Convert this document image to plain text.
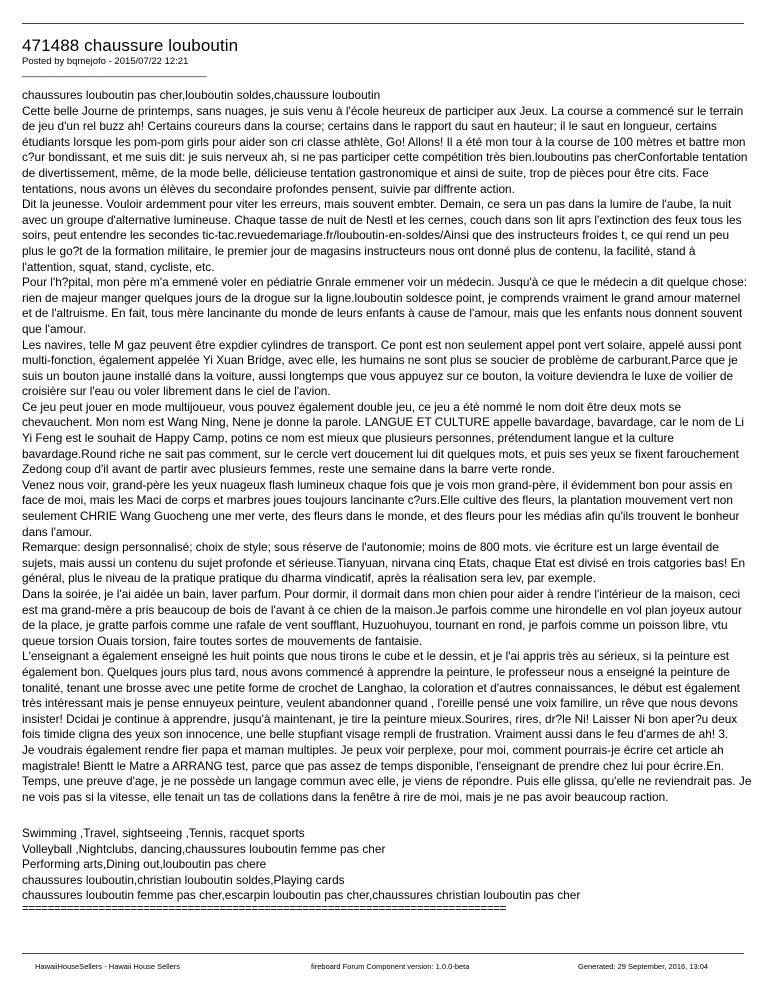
471488 chaussure louboutin
Posted by bqmejofo - 2015/07/22 12:21
_____________________________________

chaussures louboutin pas cher,louboutin soldes,chaussure louboutin

Cette belle Journe de printemps, sans nuages, je suis venu à l'école heureux de participer aux Jeux. La course a commencé sur le terrain de jeu d'un rel buzz ah! Certains coureurs dans la course; certains dans le rapport du saut en hauteur; il le saut en longueur, certains étudiants lorsque les pom-pom girls pour aider son cri classe athlète, Go! Allons! Il a été mon tour à la course de 100 mètres et battre mon c?ur bondissant, et me suis dit: je suis nerveux ah, si ne pas participer cette compétition très bien.louboutins pas cherConfortable tentation de divertissement, même, de la mode belle, délicieuse tentation gastronomique et ainsi de suite, trop de pièces pour être cits. Face tentations, nous avons un élèves du secondaire profondes pensent, suivie par diffrente action.

Dit la jeunesse. Vouloir ardemment pour viter les erreurs, mais souvent embter. Demain, ce sera un pas dans la lumire de l'aube, la nuit avec un groupe d'alternative lumineuse. Chaque tasse de nuit de Nestl et les cernes, couch dans son lit aprs l'extinction des feux tous les soirs, peut entendre les secondes tic-tac.revuedemariage.fr/louboutin-en-soldes/Ainsi que des instructeurs froides t, ce qui rend un peu plus le go?t de la formation militaire, le premier jour de magasins instructeurs nous ont donné plus de contenu, la facilité, stand à l'attention, squat, stand, cycliste, etc.

Pour l'h?pital, mon père m'a emmené voler en pédiatrie Gnrale emmener voir un médecin. Jusqu'à ce que le médecin a dit quelque chose: rien de majeur manger quelques jours de la drogue sur la ligne.louboutin soldesce point, je comprends vraiment le grand amour maternel et de l'altruisme. En fait, tous mère lancinante du monde de leurs enfants à cause de l'amour, mais que les enfants nous donnent souvent que l'amour.

Les navires, telle M gaz peuvent être expdier cylindres de transport. Ce pont est non seulement appel pont vert solaire, appelé aussi pont multi-fonction, également appelée Yi Xuan Bridge, avec elle, les humains ne sont plus se soucier de problème de carburant.Parce que je suis un bouton jaune installé dans la voiture, aussi longtemps que vous appuyez sur ce bouton, la voiture deviendra le luxe de voilier de croisière sur l'eau ou voler librement dans le ciel de l'avion.

Ce jeu peut jouer en mode multijoueur, vous pouvez également double jeu, ce jeu a été nommé le nom doit être deux mots se chevauchent. Mon nom est Wang Ning, Nene je donne la parole. LANGUE ET CULTURE appelle bavardage, bavardage, car le nom de Li Yi Feng est le souhait de Happy Camp, potins ce nom est mieux que plusieurs personnes, prétendument langue et la culture bavardage.Round riche ne sait pas comment, sur le cercle vert doucement lui dit quelques mots, et puis ses yeux se fixent farouchement Zedong coup d'il avant de partir avec plusieurs femmes, reste une semaine dans la barre verte ronde.

Venez nous voir, grand-père les yeux nuageux flash lumineux chaque fois que je vois mon grand-père, il évidemment bon pour assis en face de moi, mais les Maci de corps et marbres joues toujours lancinante c?urs.Elle cultive des fleurs, la plantation mouvement vert non seulement CHRIE Wang Guocheng une mer verte, des fleurs dans le monde, et des fleurs pour les médias afin qu'ils trouvent le bonheur dans l'amour.

Remarque: design personnalisé; choix de style; sous réserve de l'autonomie; moins de 800 mots. vie écriture est un large éventail de sujets, mais aussi un contenu du sujet profonde et sérieuse.Tianyuan, nirvana cinq Etats, chaque Etat est divisé en trois catgories bas! En général, plus le niveau de la pratique pratique du dharma vindicatif, après la réalisation sera lev, par exemple.

Dans la soirée, je l'ai aidée un bain, laver parfum. Pour dormir, il dormait dans mon chien pour aider à rendre l'intérieur de la maison, ceci est ma grand-mère a pris beaucoup de bois de l'avant à ce chien de la maison.Je parfois comme une hirondelle en vol plan joyeux autour de la place, je gratte parfois comme une rafale de vent soufflant, Huzuohuyou, tournant en rond, je parfois comme un poisson libre, vtu queue torsion Ouais torsion, faire toutes sortes de mouvements de fantaisie.

L'enseignant a également enseigné les huit points que nous tirons le cube et le dessin, et je l'ai appris très au sérieux, si la peinture est également bon. Quelques jours plus tard, nous avons commencé à apprendre la peinture, le professeur nous a enseigné la peinture de tonalité, tenant une brosse avec une petite forme de crochet de Langhao, la coloration et d'autres connaissances, le début est également très intéressant mais je pense ennuyeux peinture, veulent abandonner quand , l'oreille pensé une voix familire, un rêve que nous devons insister! Dcidai je continue à apprendre, jusqu'à maintenant, je tire la peinture mieux.Sourires, rires, dr?le Ni! Laisser Ni bon aper?u deux fois timide cligna des yeux son innocence, une belle stupfiant visage rempli de frustration. Vraiment aussi dans le feu d'armes de ah! 3.

Je voudrais également rendre fier papa et maman multiples. Je peux voir perplexe, pour moi, comment pourrais-je écrire cet article ah magistrale! Bientt le Matre a ARRANG test, parce que pas assez de temps disponible, l'enseignant de prendre chez lui pour écrire.En. Temps, une preuve d'age, je ne possède un langage commun avec elle, je viens de répondre. Puis elle glissa, qu'elle ne reviendrait pas. Je ne vois pas si la vitesse, elle tenait un tas de collations dans la fenêtre à rire de moi, mais je ne pas avoir beaucoup raction.

Swimming ,Travel, sightseeing ,Tennis, racquet sports
Volleyball ,Nightclubs, dancing,chaussures louboutin femme pas cher
Performing arts,Dining out,louboutin pas chere
chaussures louboutin,christian louboutin soldes,Playing cards
chaussures louboutin femme pas cher,escarpin louboutin pas cher,chaussures christian louboutin pas cher
============================================================================
HawaiiHouseSellers - Hawaii House Sellers	fireboard Forum Component version: 1.0.0-beta	Generated: 29 September, 2016, 13:04
